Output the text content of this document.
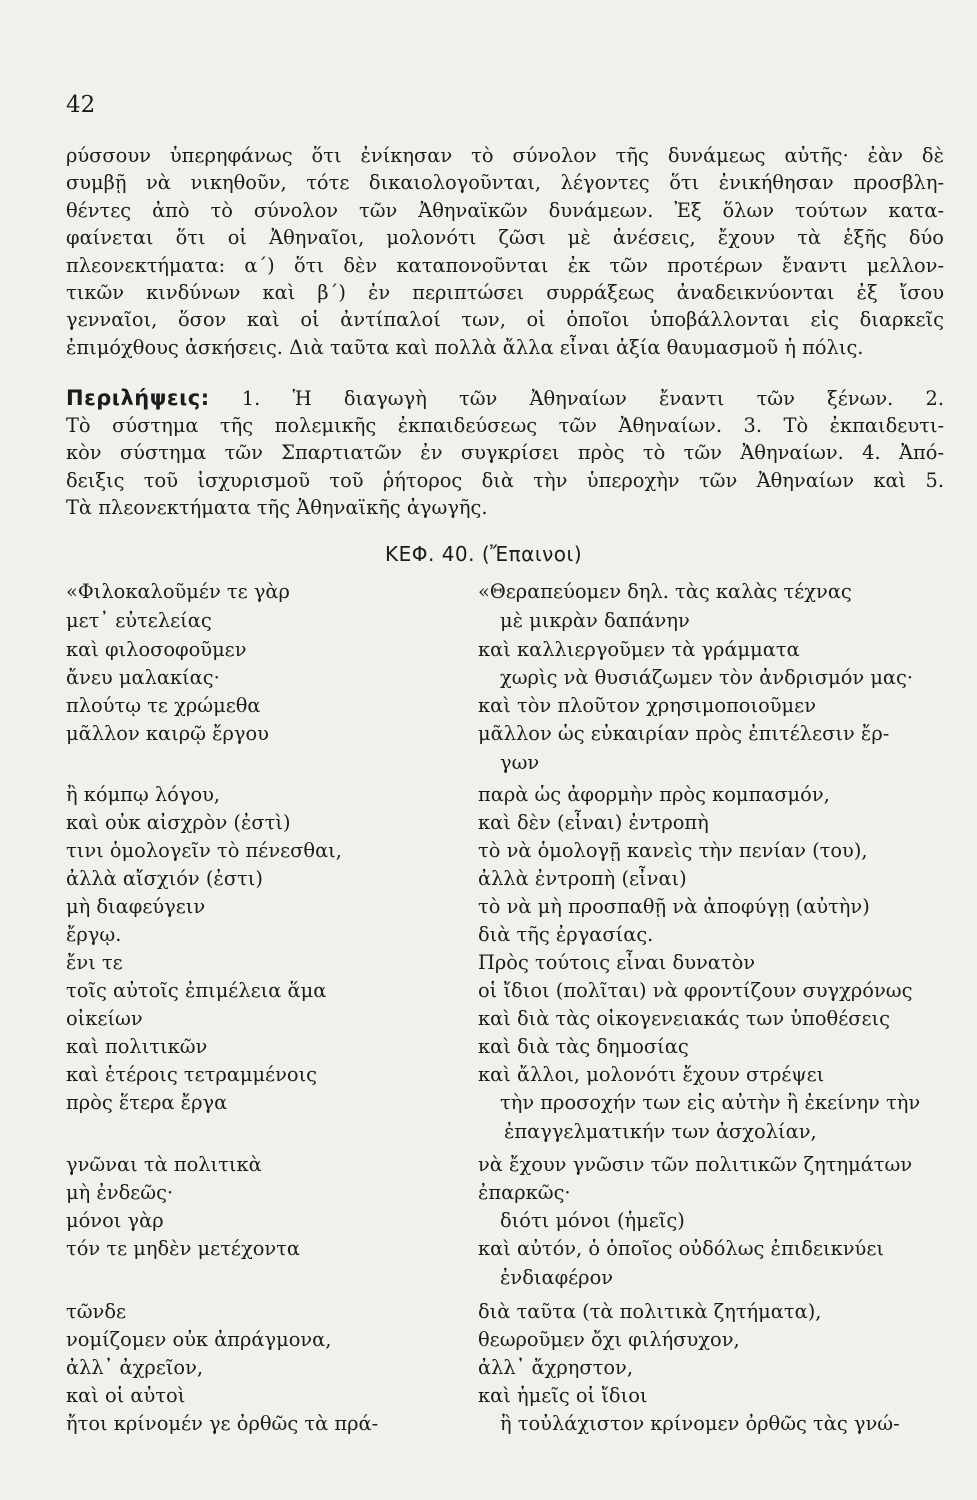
42
ρύσσουν ὑπερηφάνως ὅτι ἐνίκησαν τὸ σύνολον τῆς δυνάμεως αὐτῆς· ἐὰν δὲ
συμβῇ νὰ νικηθοῦν, τότε δικαιολογοῦνται, λέγοντες ὅτι ἐνικήθησαν προσβλη-
θέντες ἀπὸ τὸ σύνολον τῶν Ἀθηναϊκῶν δυνάμεων. Ἐξ ὅλων τούτων κατα-
φαίνεται ὅτι οἱ Ἀθηναῖοι, μολονότι ζῶσι μὲ ἀνέσεις, ἔχουν τὰ ἑξῆς δύο
πλεονεκτήματα: α΄) ὅτι δὲν καταπονοῦνται ἐκ τῶν προτέρων ἔναντι μελλον-
τικῶν κινδύνων καὶ β΄) ἐν περιπτώσει συρράξεως ἀναδεικνύονται ἐξ ἴσου
γενναῖοι, ὅσον καὶ οἱ ἀντίπαλοί των, οἱ ὁποῖοι ὑποβάλλονται εἰς διαρκεῖς
ἐπιμόχθους ἀσκήσεις. Διὰ ταῦτα καὶ πολλὰ ἄλλα εἶναι ἀξία θαυμασμοῦ ἡ πόλις.
Περιλήψεις: 1. Ἡ διαγωγὴ τῶν Ἀθηναίων ἔναντι τῶν ξένων. 2.
Τὸ σύστημα τῆς πολεμικῆς ἐκπαιδεύσεως τῶν Ἀθηναίων. 3. Τὸ ἐκπαιδευτι-
κὸν σύστημα τῶν Σπαρτιατῶν ἐν συγκρίσει πρὸς τὸ τῶν Ἀθηναίων. 4. Ἀπό-
δειξις τοῦ ἰσχυρισμοῦ τοῦ ῥήτορος διὰ τὴν ὑπεροχὴν τῶν Ἀθηναίων καὶ 5.
Τὰ πλεονεκτήματα τῆς Ἀθηναϊκῆς ἀγωγῆς.
ΚΕΦ. 40. (Ἔπαινοι)
«Φιλοκαλοῦμέν τε γὰρ
μετ᾽ εὐτελείας
καὶ φιλοσοφοῦμεν
ἄνευ μαλακίας·
πλούτῳ τε χρώμεθα
μᾶλλον καιρῷ ἔργου
ἢ κόμπῳ λόγου,
καὶ οὐκ αἰσχρὸν (ἐστὶ)
τινι ὁμολογεῖν τὸ πένεσθαι,
ἀλλὰ αἴσχιόν (ἐστι)
μὴ διαφεύγειν
ἔργῳ.
ἔνι τε
τοῖς αὐτοῖς ἐπιμέλεια ἅμα
οἰκείων
καὶ πολιτικῶν
καὶ ἑτέροις τετραμμένοις
πρὸς ἕτερα ἔργα
γνῶναι τὰ πολιτικὰ
μὴ ἐνδεῶς·
μόνοι γὰρ
τόν τε μηδὲν μετέχοντα
τῶνδε
νομίζομεν οὐκ ἀπράγμονα,
ἀλλ᾽ ἀχρεῖον,
καὶ οἱ αὐτοὶ
ἤτοι κρίνομέν γε ὀρθῶς τὰ πρά-
«Θεραπεύομεν δηλ. τὰς καλὰς τέχνας
μὲ μικρὰν δαπάνην
καὶ καλλιεργοῦμεν τὰ γράμματα
χωρὶς νὰ θυσιάζωμεν τὸν ἀνδρισμόν μας·
καὶ τὸν πλοῦτον χρησιμοποιοῦμεν
μᾶλλον ὡς εὐκαιρίαν πρὸς ἐπιτέλεσιν ἔρ-
γων
παρὰ ὡς ἀφορμὴν πρὸς κομπασμόν,
καὶ δὲν (εἶναι) ἐντροπὴ
τὸ νὰ ὁμολογῇ κανεὶς τὴν πενίαν (του),
ἀλλὰ ἐντροπὴ (εἶναι)
τὸ νὰ μὴ προσπαθῇ νὰ ἀποφύγῃ (αὐτὴν)
διὰ τῆς ἐργασίας.
Πρὸς τούτοις εἶναι δυνατὸν
οἱ ἴδιοι (πολῖται) νὰ φροντίζουν συγχρόνως
καὶ διὰ τὰς οἰκογενειακάς των ὑποθέσεις
καὶ διὰ τὰς δημοσίας
καὶ ἄλλοι, μολονότι ἔχουν στρέψει
τὴν προσοχήν των εἰς αὐτὴν ἢ ἐκείνην τὴν
ἐπαγγελματικήν των ἀσχολίαν,
νὰ ἔχουν γνῶσιν τῶν πολιτικῶν ζητημάτων
ἐπαρκῶς·
διότι μόνοι (ἡμεῖς)
καὶ αὐτόν, ὁ ὁποῖος οὐδόλως ἐπιδεικνύει
ἐνδιαφέρον
διὰ ταῦτα (τὰ πολιτικὰ ζητήματα),
θεωροῦμεν ὄχι φιλήσυχον,
ἀλλ᾽ ἄχρηστον,
καὶ ἡμεῖς οἱ ἴδιοι
ἢ τοὐλάχιστον κρίνομεν ὀρθῶς τὰς γνώ-
